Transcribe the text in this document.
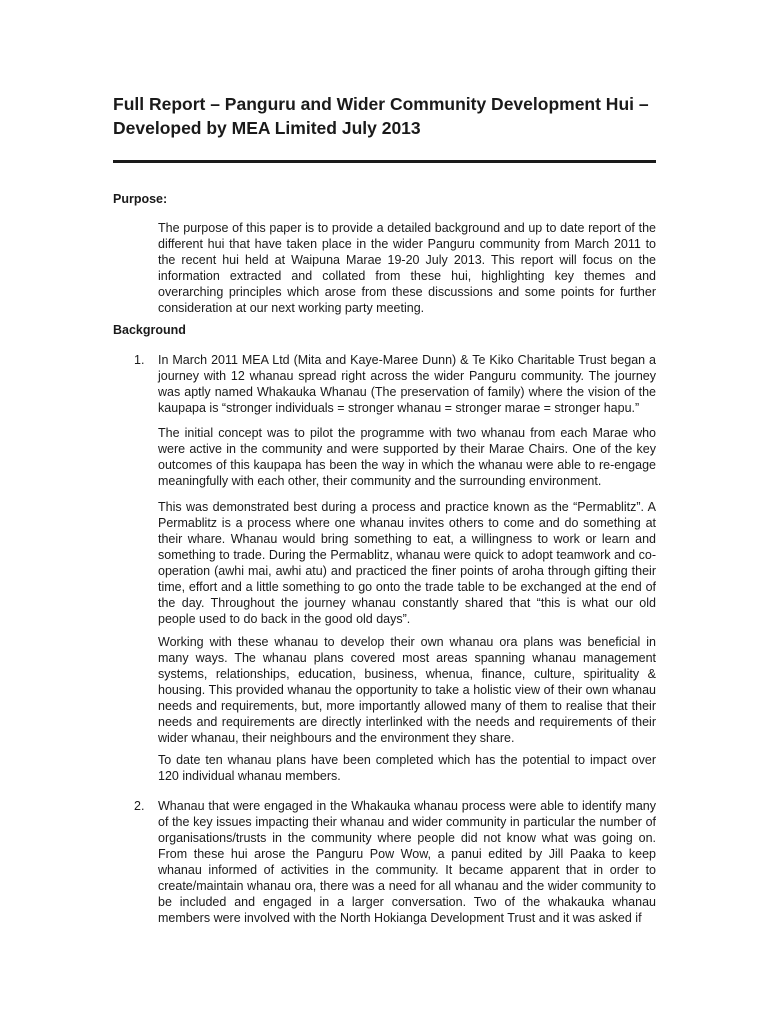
Full Report – Panguru and Wider Community Development Hui – Developed by MEA Limited July 2013
Purpose:

The purpose of this paper is to provide a detailed background and up to date report of the different hui that have taken place in the wider Panguru community from March 2011 to the recent hui held at Waipuna Marae 19-20 July 2013. This report will focus on the information extracted and collated from these hui, highlighting key themes and overarching principles which arose from these discussions and some points for further consideration at our next working party meeting.

Background
1. In March 2011 MEA Ltd (Mita and Kaye-Maree Dunn) & Te Kiko Charitable Trust began a journey with 12 whanau spread right across the wider Panguru community. The journey was aptly named Whakauka Whanau (The preservation of family) where the vision of the kaupapa is “stronger individuals = stronger whanau = stronger marae = stronger hapu.”

The initial concept was to pilot the programme with two whanau from each Marae who were active in the community and were supported by their Marae Chairs. One of the key outcomes of this kaupapa has been the way in which the whanau were able to re-engage meaningfully with each other, their community and the surrounding environment.

This was demonstrated best during a process and practice known as the “Permablitz”. A Permablitz is a process where one whanau invites others to come and do something at their whare. Whanau would bring something to eat, a willingness to work or learn and something to trade. During the Permablitz, whanau were quick to adopt teamwork and co-operation (awhi mai, awhi atu) and practiced the finer points of aroha through gifting their time, effort and a little something to go onto the trade table to be exchanged at the end of the day. Throughout the journey whanau constantly shared that “this is what our old people used to do back in the good old days”.

Working with these whanau to develop their own whanau ora plans was beneficial in many ways. The whanau plans covered most areas spanning whanau management systems, relationships, education, business, whenua, finance, culture, spirituality & housing. This provided whanau the opportunity to take a holistic view of their own whanau needs and requirements, but, more importantly allowed many of them to realise that their needs and requirements are directly interlinked with the needs and requirements of their wider whanau, their neighbours and the environment they share.

To date ten whanau plans have been completed which has the potential to impact over 120 individual whanau members.

2. Whanau that were engaged in the Whakauka whanau process were able to identify many of the key issues impacting their whanau and wider community in particular the number of organisations/trusts in the community where people did not know what was going on. From these hui arose the Panguru Pow Wow, a panui edited by Jill Paaka to keep whanau informed of activities in the community. It became apparent that in order to create/maintain whanau ora, there was a need for all whanau and the wider community to be included and engaged in a larger conversation. Two of the whakauka whanau members were involved with the North Hokianga Development Trust and it was asked if
